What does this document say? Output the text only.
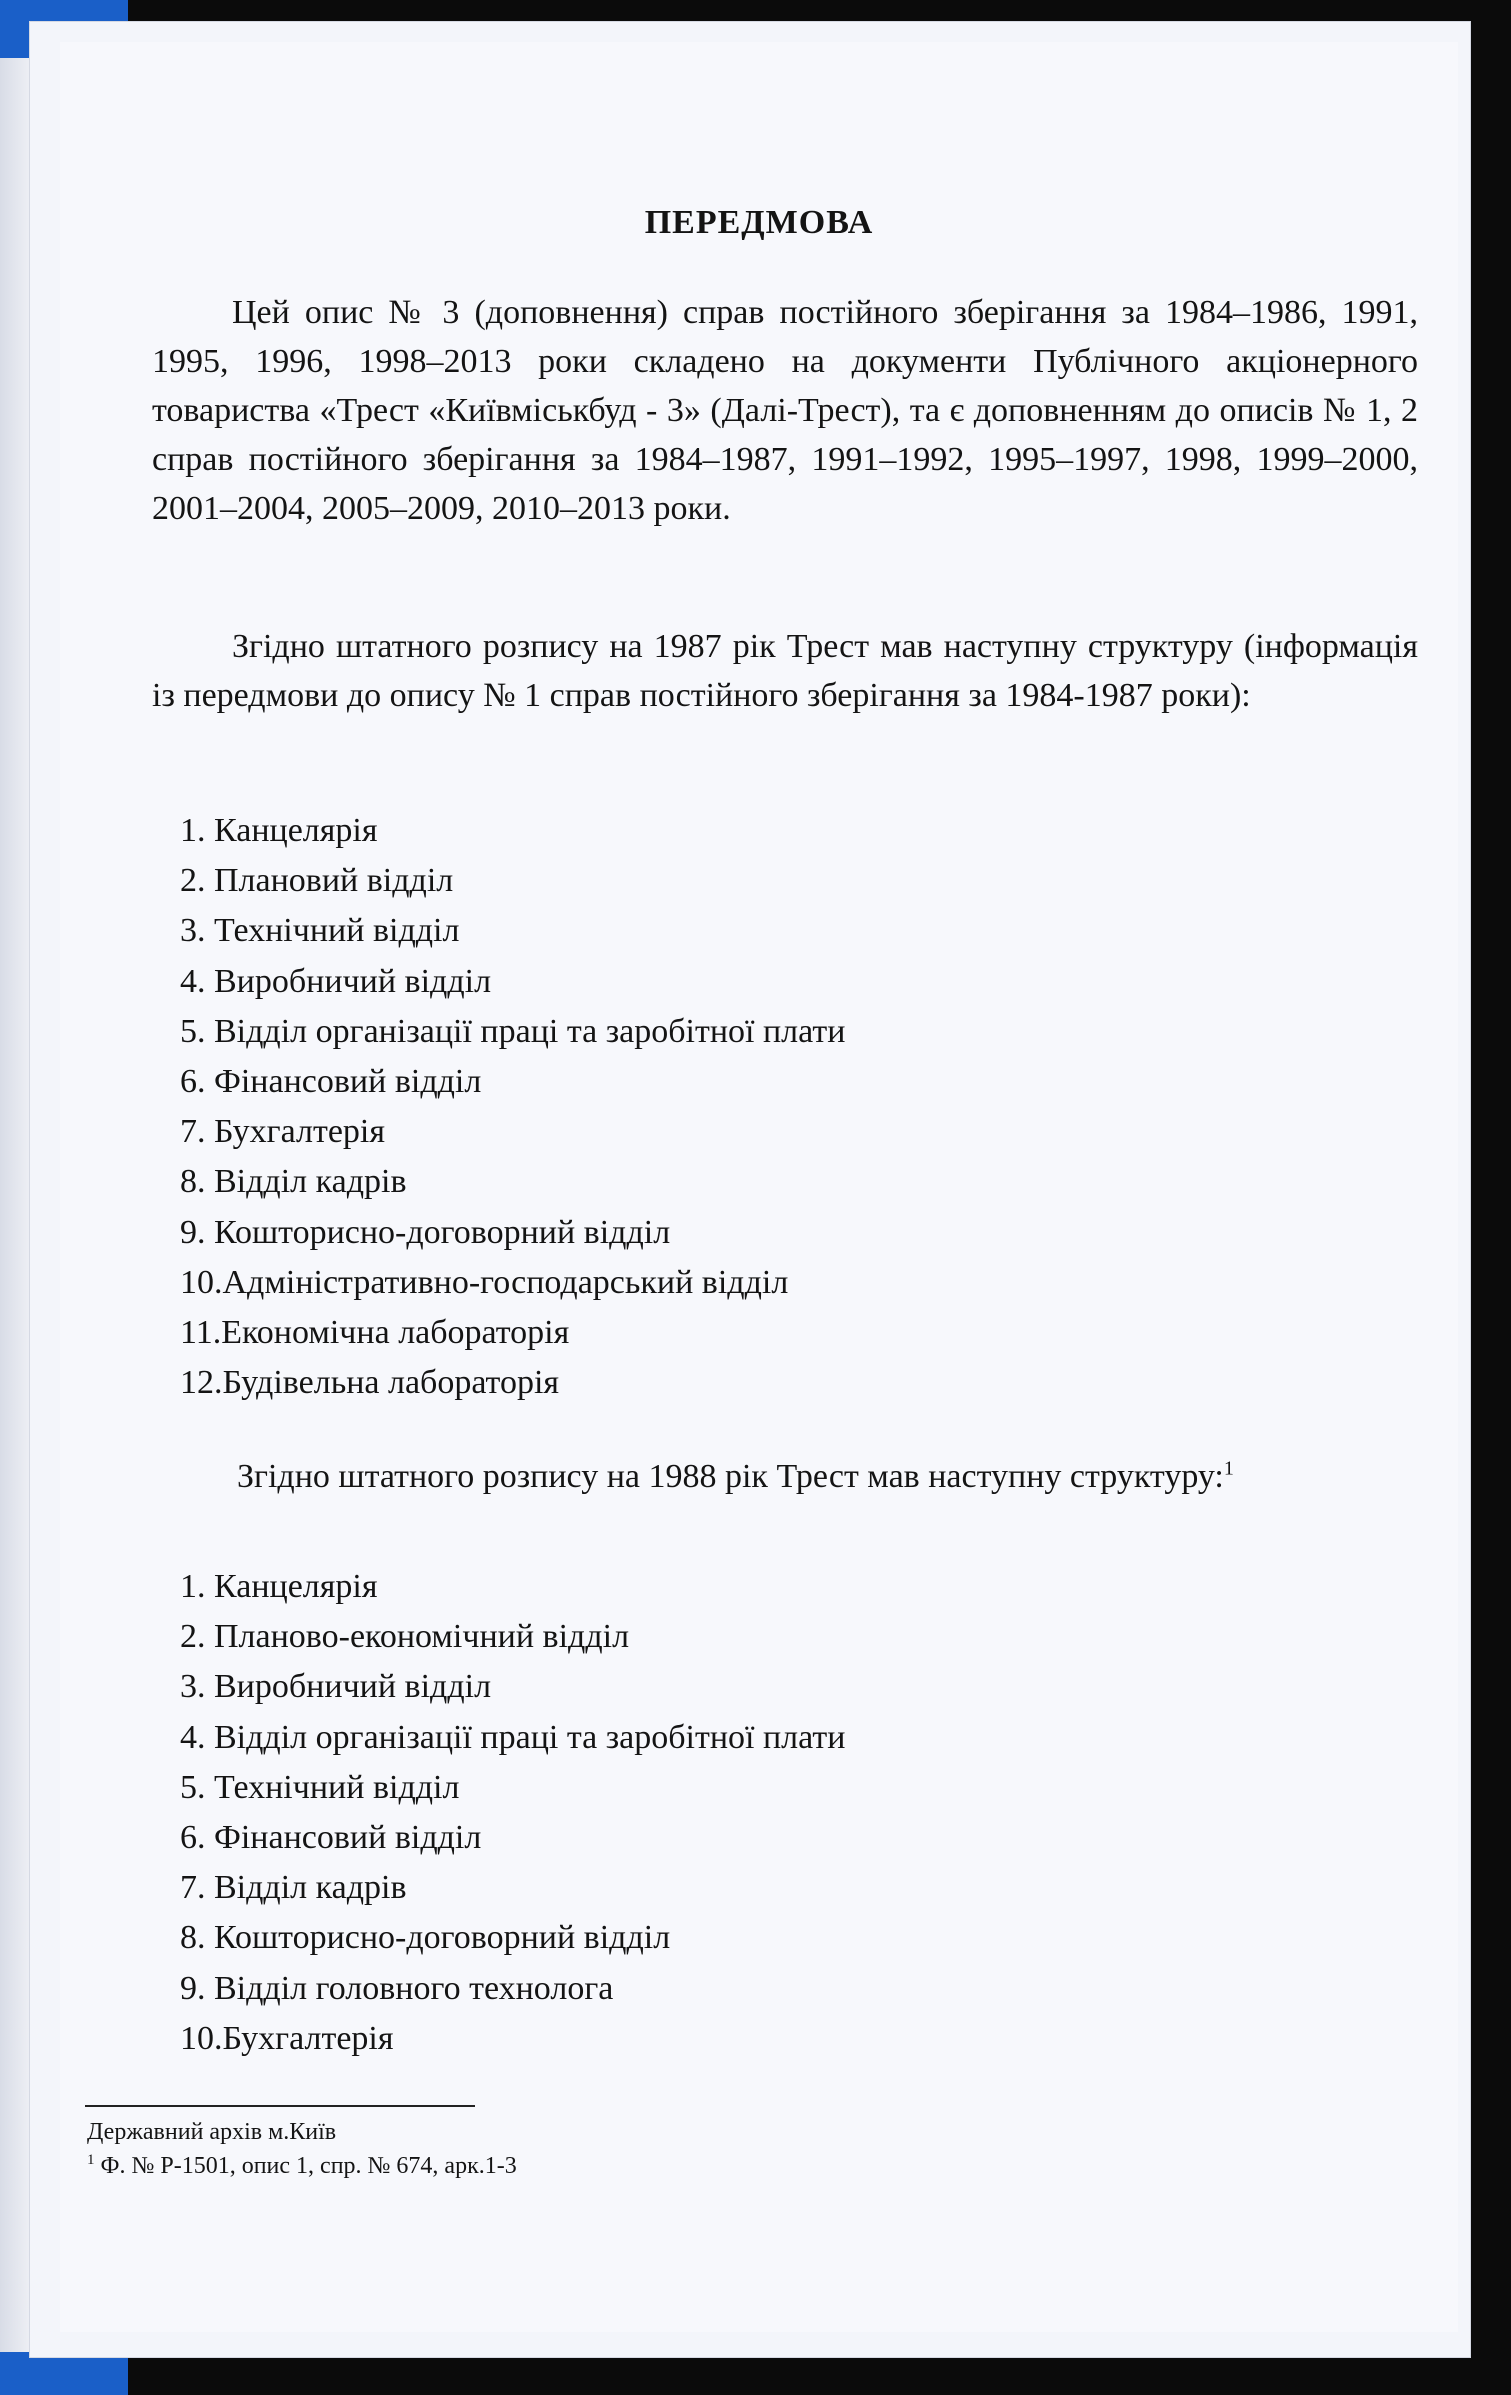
ПЕРЕДМОВА

Цей опис № 3 (доповнення) справ постійного зберігання за 1984–1986, 1991, 1995, 1996, 1998–2013 роки складено на документи Публічного акціонерного товариства «Трест «Київміськбуд - 3» (Далі-Трест), та є доповненням до описів № 1, 2 справ постійного зберігання за 1984–1987, 1991–1992, 1995–1997, 1998, 1999–2000, 2001–2004, 2005–2009, 2010–2013 роки.

Згідно штатного розпису на 1987 рік Трест мав наступну структуру (інформація із передмови до опису № 1 справ постійного зберігання за 1984-1987 роки):

1. Канцелярія
2. Плановий відділ
3. Технічний відділ
4. Виробничий відділ
5. Відділ організації праці та заробітної плати
6. Фінансовий відділ
7. Бухгалтерія
8. Відділ кадрів
9. Кошторисно-договорний відділ
10.Адміністративно-господарський відділ
11.Економічна лабораторія
12.Будівельна лабораторія

Згідно штатного розпису на 1988 рік Трест мав наступну структуру:$^1$

1. Канцелярія
2. Планово-економічний відділ
3. Виробничий відділ
4. Відділ організації праці та заробітної плати
5. Технічний відділ
6. Фінансовий відділ
7. Відділ кадрів
8. Кошторисно-договорний відділ
9. Відділ головного технолога
10.Бухгалтерія
Державний архів м.Київ
$^1$ Ф. № Р-1501, опис 1, спр. № 674, арк.1-3
